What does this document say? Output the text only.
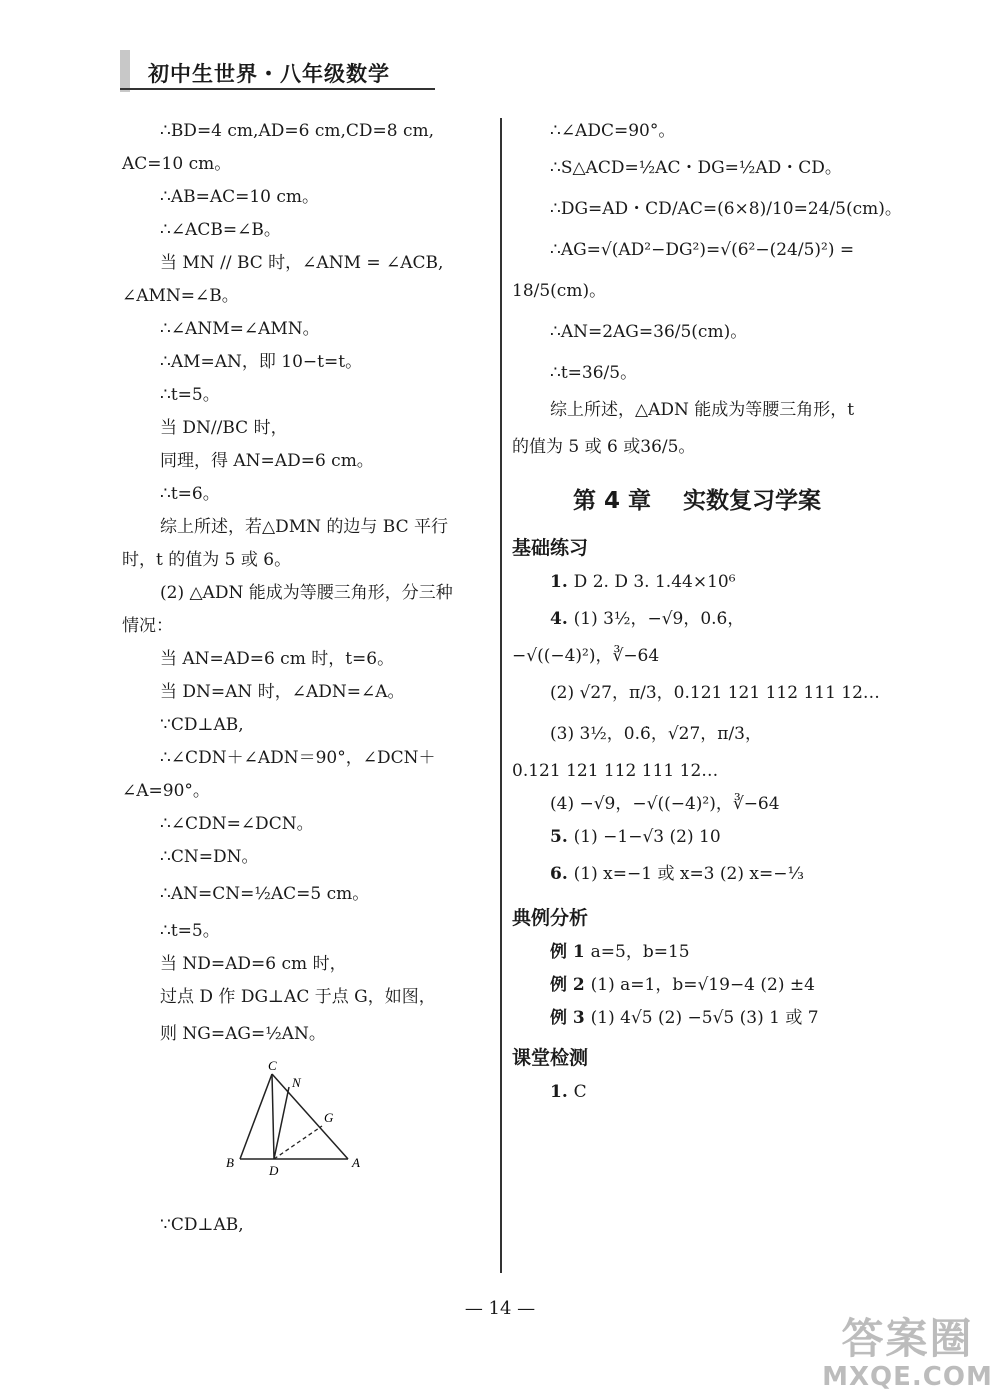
初中生世界・八年级数学
∴BD=4 cm,AD=6 cm,CD=8 cm,
AC=10 cm。
∴AB=AC=10 cm。
∴∠ACB=∠B。
当 MN // BC 时，∠ANM = ∠ACB,
∠AMN=∠B。
∴∠ANM=∠AMN。
∴AM=AN，即 10−t=t。
∴t=5。
当 DN//BC 时，
同理，得 AN=AD=6 cm。
∴t=6。
综上所述，若△DMN 的边与 BC 平行
时，t 的值为 5 或 6。
(2) △ADN 能成为等腰三角形，分三种
情况：
当 AN=AD=6 cm 时，t=6。
当 DN=AN 时，∠ADN=∠A。
∵CD⊥AB,
∴∠CDN＋∠ADN＝90°，∠DCN＋
∠A=90°。
∴∠CDN=∠DCN。
∴CN=DN。
∴AN=CN=½AC=5 cm。
∴t=5。
当 ND=AD=6 cm 时，
过点 D 作 DG⊥AC 于点 G，如图，
则 NG=AG=½AN。
C
N
G
B
D
A
∵CD⊥AB,
∴∠ADC=90°。
∴S△ACD=½AC・DG=½AD・CD。
∴DG=AD・CD/AC=(6×8)/10=24/5(cm)。
∴AG=√(AD²−DG²)=√(6²−(24/5)²) =
18/5(cm)。
∴AN=2AG=36/5(cm)。
∴t=36/5。
综上所述，△ADN 能成为等腰三角形，t
的值为 5 或 6 或36/5。
第 4 章    实数复习学案
基础练习
1. D 2. D 3. 1.44×10⁶
4. (1) 3½，−√9，0.6̇，
−√((−4)²)，∛−64
(2) √27，π/3，0.121 121 112 111 12…
(3) 3½，0.6̇，√27，π/3，
0.121 121 112 111 12…
(4) −√9，−√((−4)²)，∛−64
5. (1) −1−√3 (2) 10
6. (1) x=−1 或 x=3 (2) x=−⅓
典例分析
例 1 a=5，b=15
例 2 (1) a=1，b=√19−4 (2) ±4
例 3 (1) 4√5 (2) −5√5 (3) 1 或 7
课堂检测
1. C
— 14 —
答案圈
MXQE.COM
